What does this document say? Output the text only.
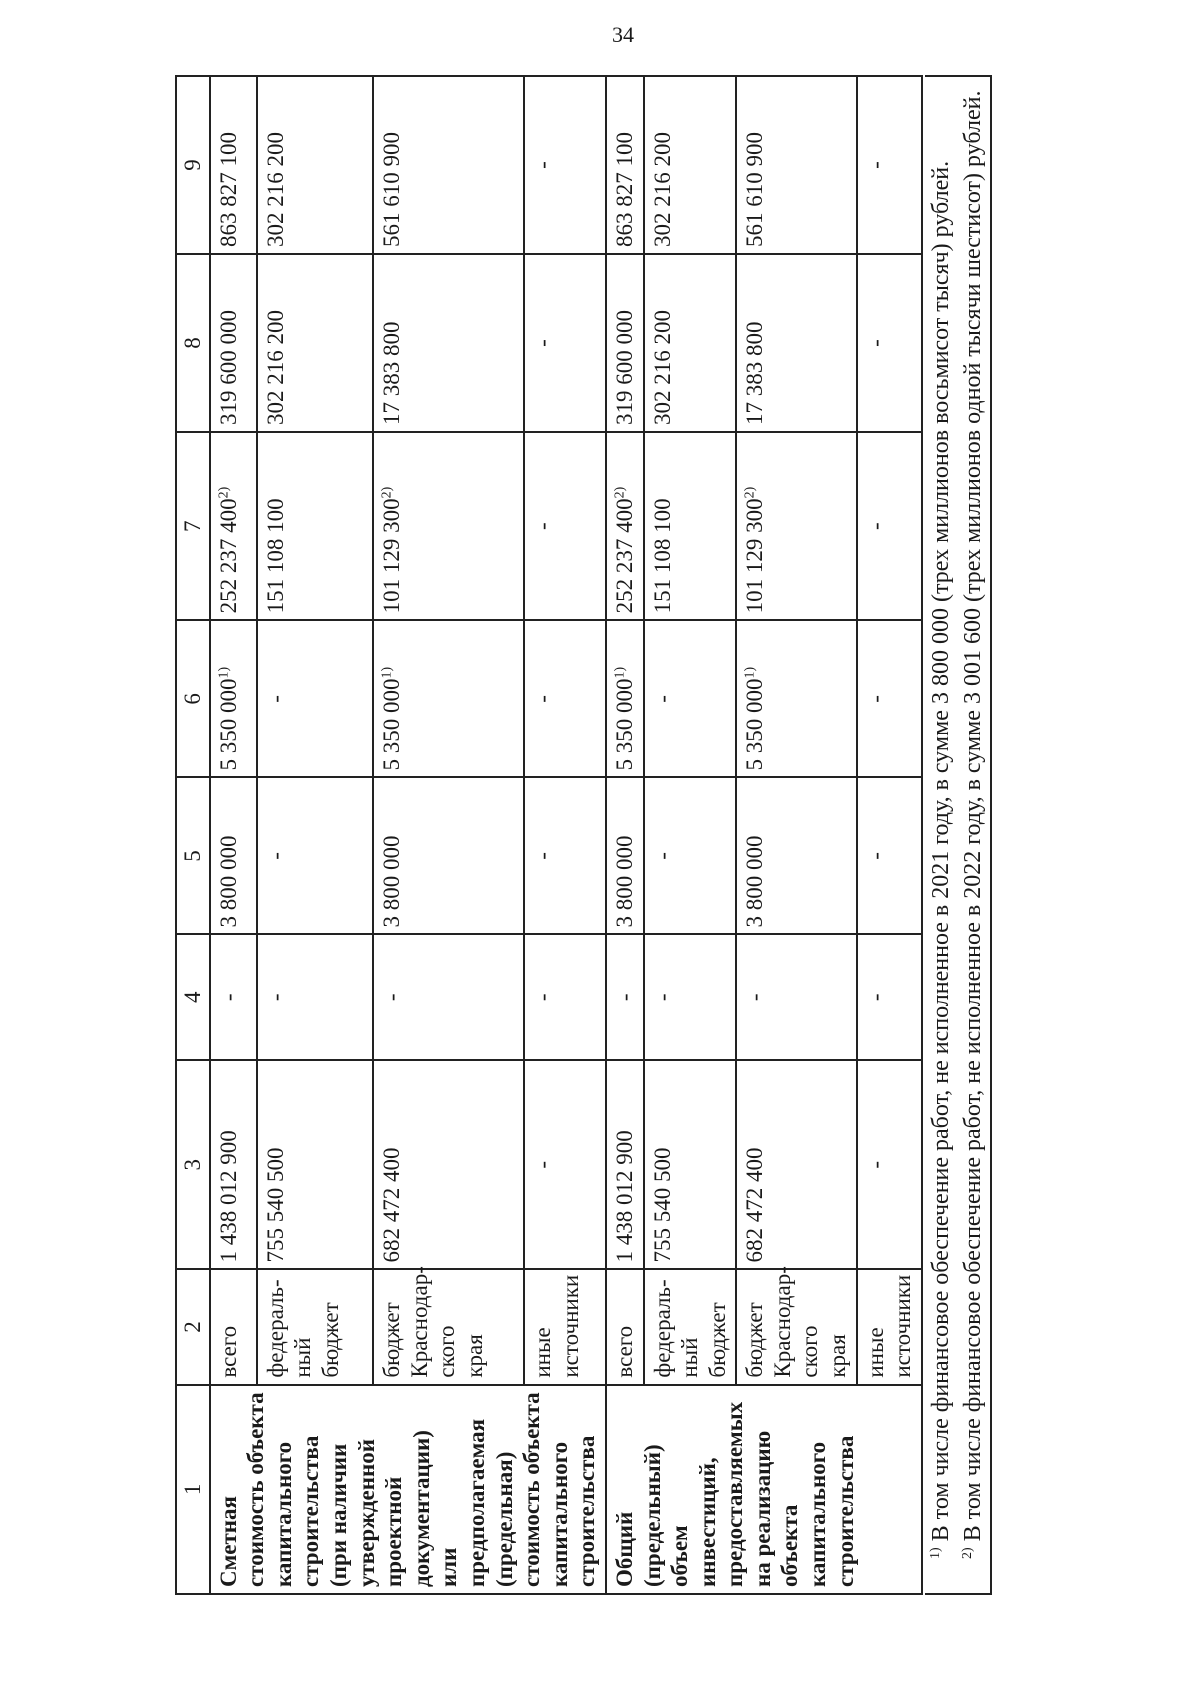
34
1	2	3	4	5	6	7	8	9
Сметная стоимость объекта капитального строительства (при наличии утвержденной проектной документации) или предполагаемая (предельная) стоимость объекта капитального строительства	всего	1 438 012 900	-	3 800 000	5 350 000$^{1)}$	252 237 400$^{2)}$	319 600 000	863 827 100
	федераль-ный бюджет	755 540 500	-	-	-	151 108 100	302 216 200	302 216 200
	бюджет Краснодар-ского края	682 472 400	-	3 800 000	5 350 000$^{1)}$	101 129 300$^{2)}$	17 383 800	561 610 900
	иные источники	-	-	-	-	-	-	-
Общий (предельный) объем инвестиций, предоставляемых на реализацию объекта капитального строительства	всего	1 438 012 900	-	3 800 000	5 350 000$^{1)}$	252 237 400$^{2)}$	319 600 000	863 827 100
	федераль-ный бюджет	755 540 500	-	-	-	151 108 100	302 216 200	302 216 200
	бюджет Краснодар-ского края	682 472 400	-	3 800 000	5 350 000$^{1)}$	101 129 300$^{2)}$	17 383 800	561 610 900
	иные источники	-	-	-	-	-	-	-

$^{1)}$ В том числе финансовое обеспечение работ, не исполненное в 2021 году, в сумме 3 800 000 (трех миллионов восьмисот тысяч) рублей.

$^{2)}$ В том числе финансовое обеспечение работ, не исполненное в 2022 году, в сумме 3 001 600 (трех миллионов одной тысячи шестисот) рублей.
